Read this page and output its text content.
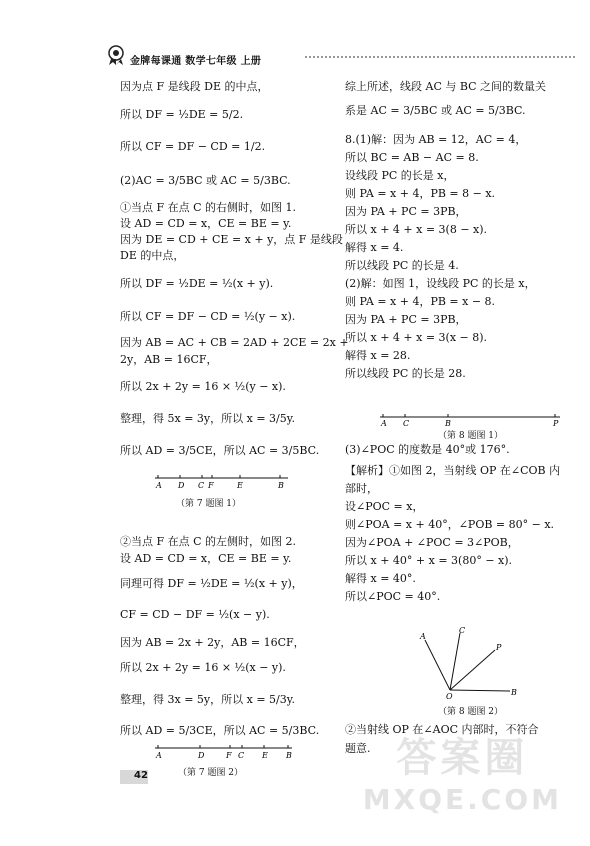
金牌每课通 数学七年级 上册
因为点 F 是线段 DE 的中点，
所以 DF = ½DE = 5/2.
所以 CF = DF − CD = 1/2.
(2)AC = 3/5BC 或 AC = 5/3BC.
①当点 F 在点 C 的右侧时，如图 1.
设 AD = CD = x，CE = BE = y.
因为 DE = CD + CE = x + y，点 F 是线段
DE 的中点，
所以 DF = ½DE = ½(x + y).
所以 CF = DF − CD = ½(y − x).
因为 AB = AC + CB = 2AD + 2CE = 2x +
2y，AB = 16CF，
所以 2x + 2y = 16 × ½(y − x).
整理，得 5x = 3y，所以 x = 3/5y.
所以 AD = 3/5CE，所以 AC = 3/5BC.
②当点 F 在点 C 的左侧时，如图 2.
设 AD = CD = x，CE = BE = y.
同理可得 DF = ½DE = ½(x + y)，
CF = CD − DF = ½(x − y).
因为 AB = 2x + 2y，AB = 16CF，
所以 2x + 2y = 16 × ½(x − y).
整理，得 3x = 5y，所以 x = 5/3y.
所以 AD = 5/3CE，所以 AC = 5/3BC.
A D C F	E	B
（第 7 题图 1）
A	D	F C E B
（第 7 题图 2）
综上所述，线段 AC 与 BC 之间的数量关
系是 AC = 3/5BC 或 AC = 5/3BC.
8.(1)解：因为 AB = 12，AC = 4，
所以 BC = AB − AC = 8.
设线段 PC 的长是 x，
则 PA = x + 4，PB = 8 − x.
因为 PA + PC = 3PB，
所以 x + 4 + x = 3(8 − x).
解得 x = 4.
所以线段 PC 的长是 4.
(2)解：如图 1，设线段 PC 的长是 x，
则 PA = x + 4，PB = x − 8.
因为 PA + PC = 3PB，
所以 x + 4 + x = 3(x − 8).
解得 x = 28.
所以线段 PC 的长是 28.
(3)∠POC 的度数是 40°或 176°.
【解析】①如图 2，当射线 OP 在∠COB 内
部时，
设∠POC = x，
则∠POA = x + 40°，∠POB = 80° − x.
因为∠POA + ∠POC = 3∠POB，
所以 x + 40° + x = 3(80° − x).
解得 x = 40°.
所以∠POC = 40°.
②当射线 OP 在∠AOC 内部时，不符合
题意.
A C	B	P
（第 8 题图 1）
A
C
P
O	B
（第 8 题图 2）
42	答案圈
MXQE.COM
